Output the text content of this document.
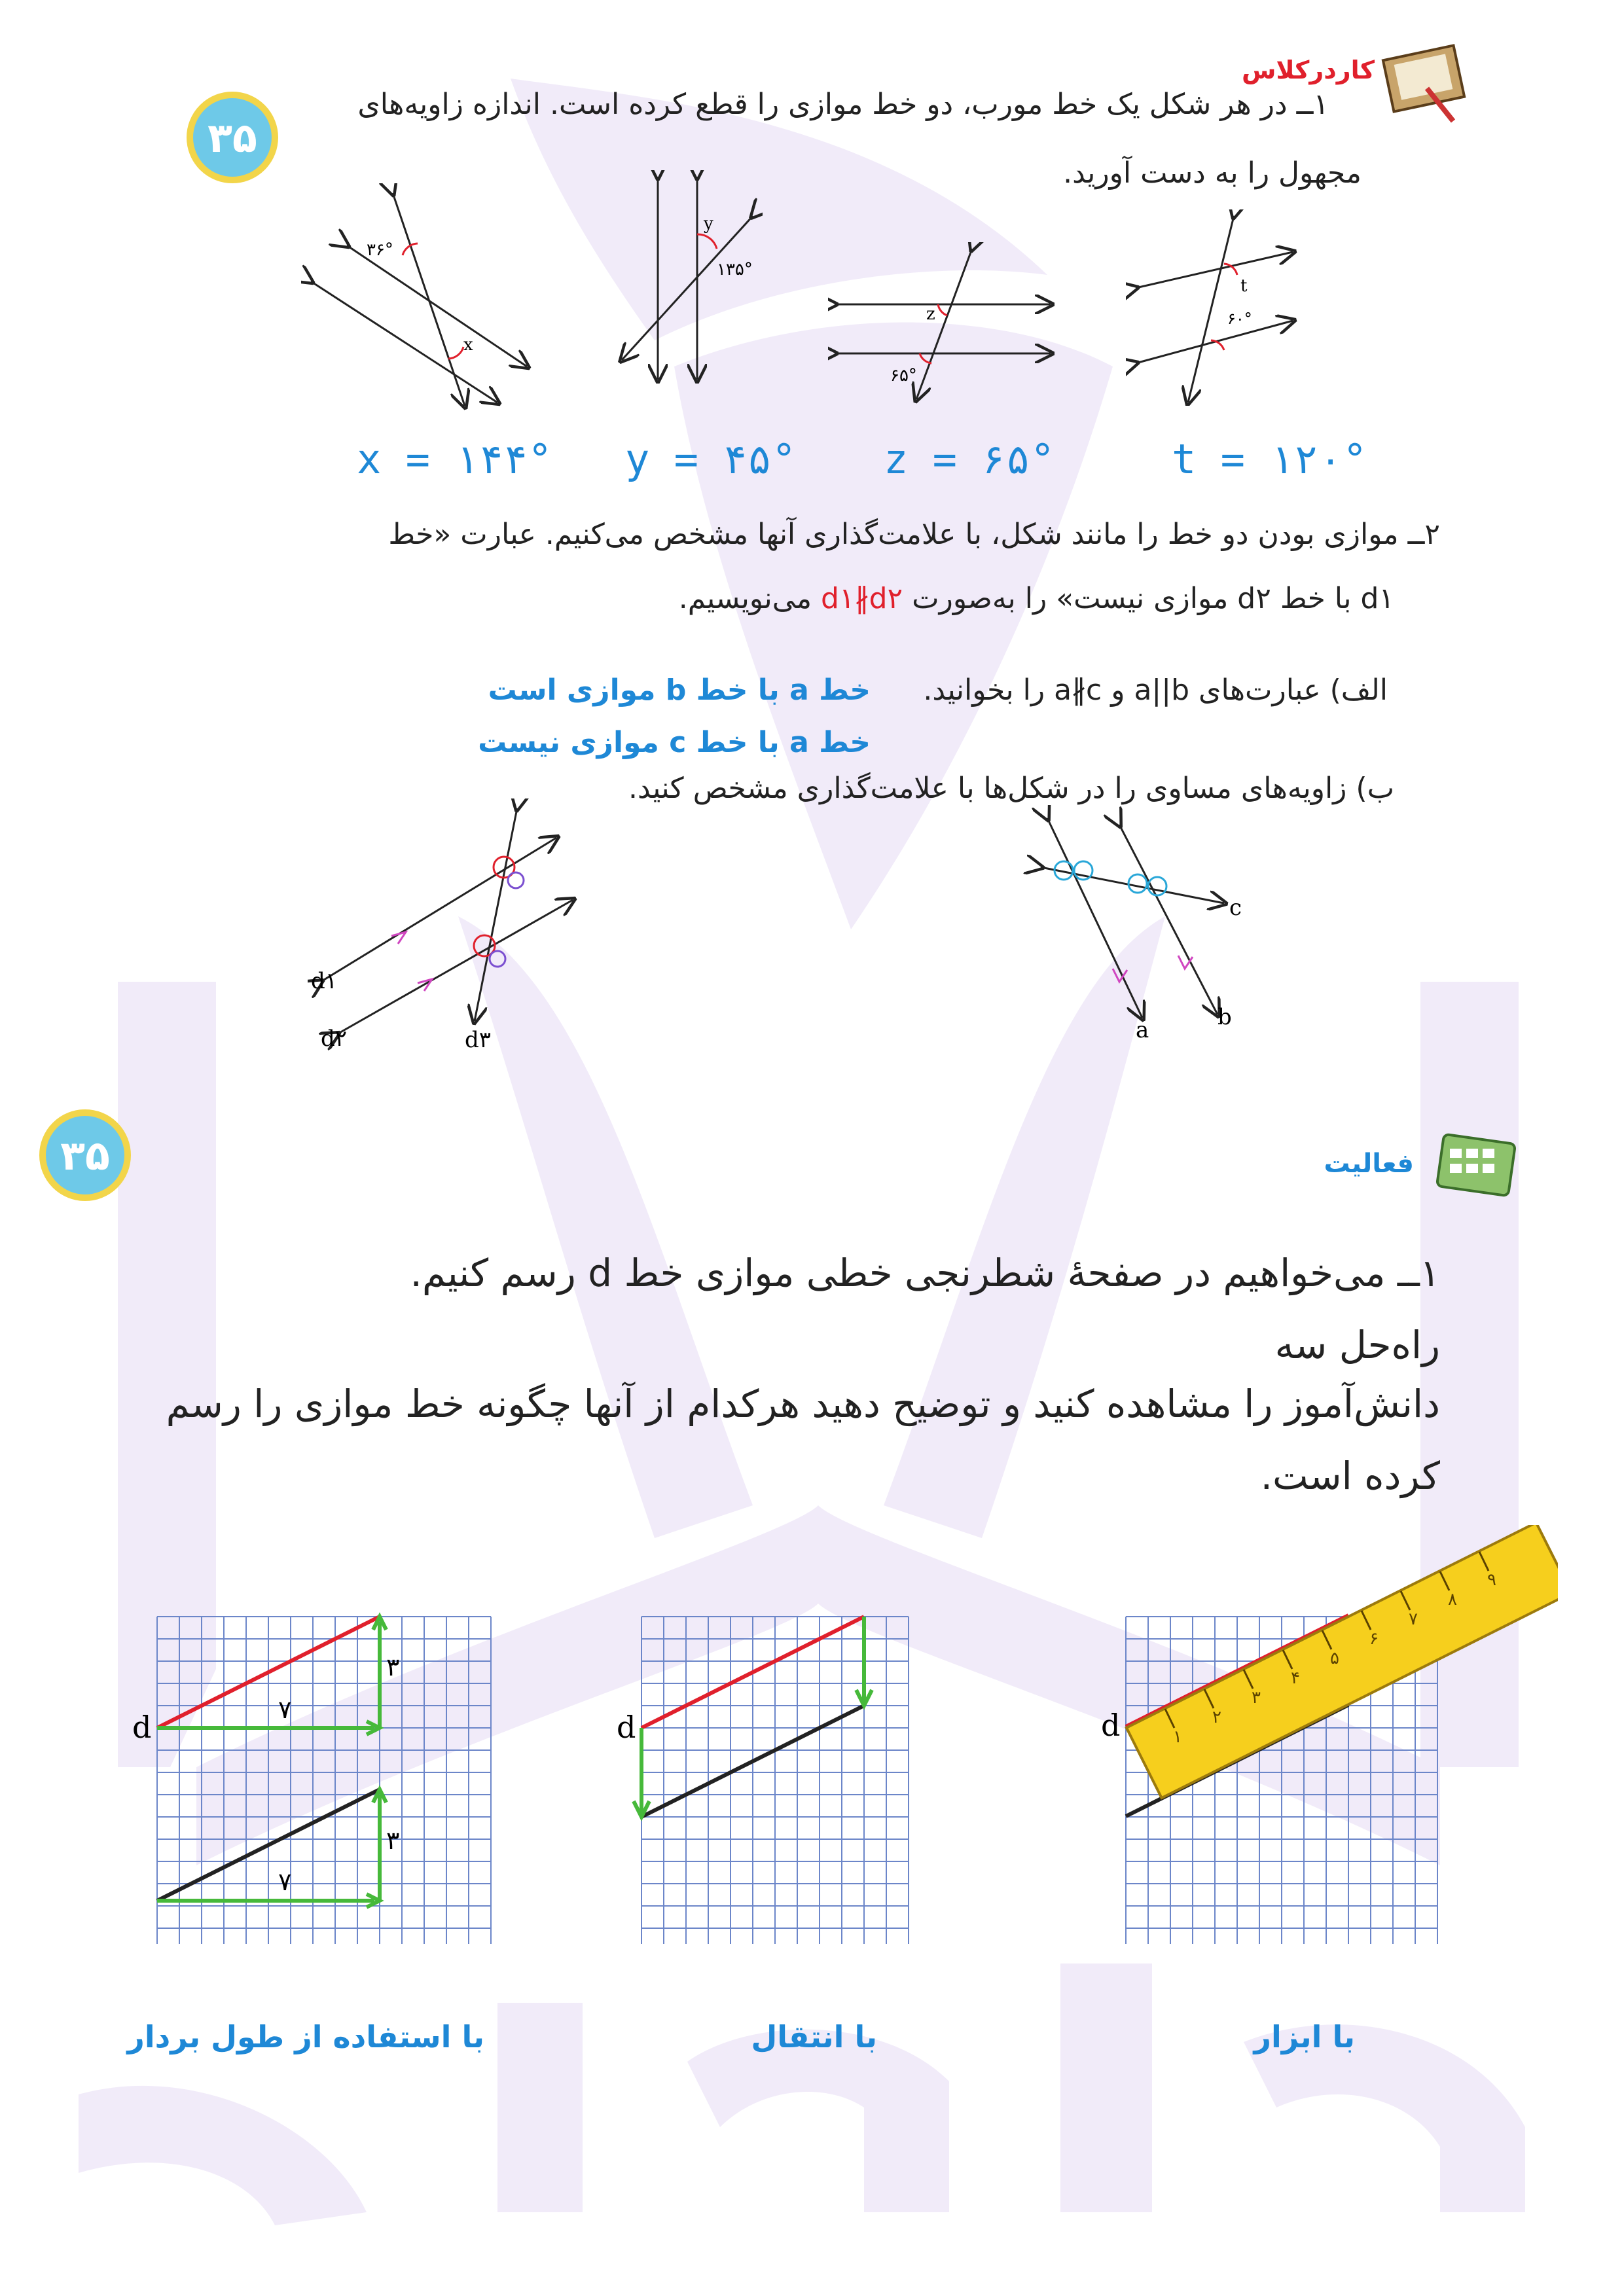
۳۵
۳۵
کاردرکلاس
۱ــ در هر شکل یک خط مورب، دو خط موازی را قطع کرده است. اندازه زاویه‌های
مجهول را به دست آورید.
۳۶°
x
y
۱۳۵°
z
۶۵°
t
۶۰°
x = ۱۴۴° y = ۴۵° z = ۶۵°	t = ۱۲۰°
۲ــ موازی بودن دو خط را مانند شکل، با علامت‌گذاری آنها مشخص می‌کنیم. عبارت «خط
d۱ با خط d۲ موازی نیست» را به‌صورت d۱∦d۲ می‌نویسیم.
الف) عبارت‌های a||b و a∦c را بخوانید.
خط a با خط b موازی است
خط a با خط c موازی نیست
ب) زاویه‌های مساوی را در شکل‌ها با علامت‌گذاری مشخص کنید.
d۱
d۲	d۳	a	b
c
فعالیت
۱ــ می‌خواهیم در صفحهٔ شطرنجی خطی موازی خط d رسم کنیم. راه‌حل سه
دانش‌آموز را مشاهده کنید و توضیح دهید هرکدام از آنها چگونه خط موازی را رسم کرده است.
d	۷
۳
۷
۳
d	۱
۲
۳
۴
۵
۶
۷
۸
۹
d
با استفاده از طول بردار	با انتقال	با ابزار
